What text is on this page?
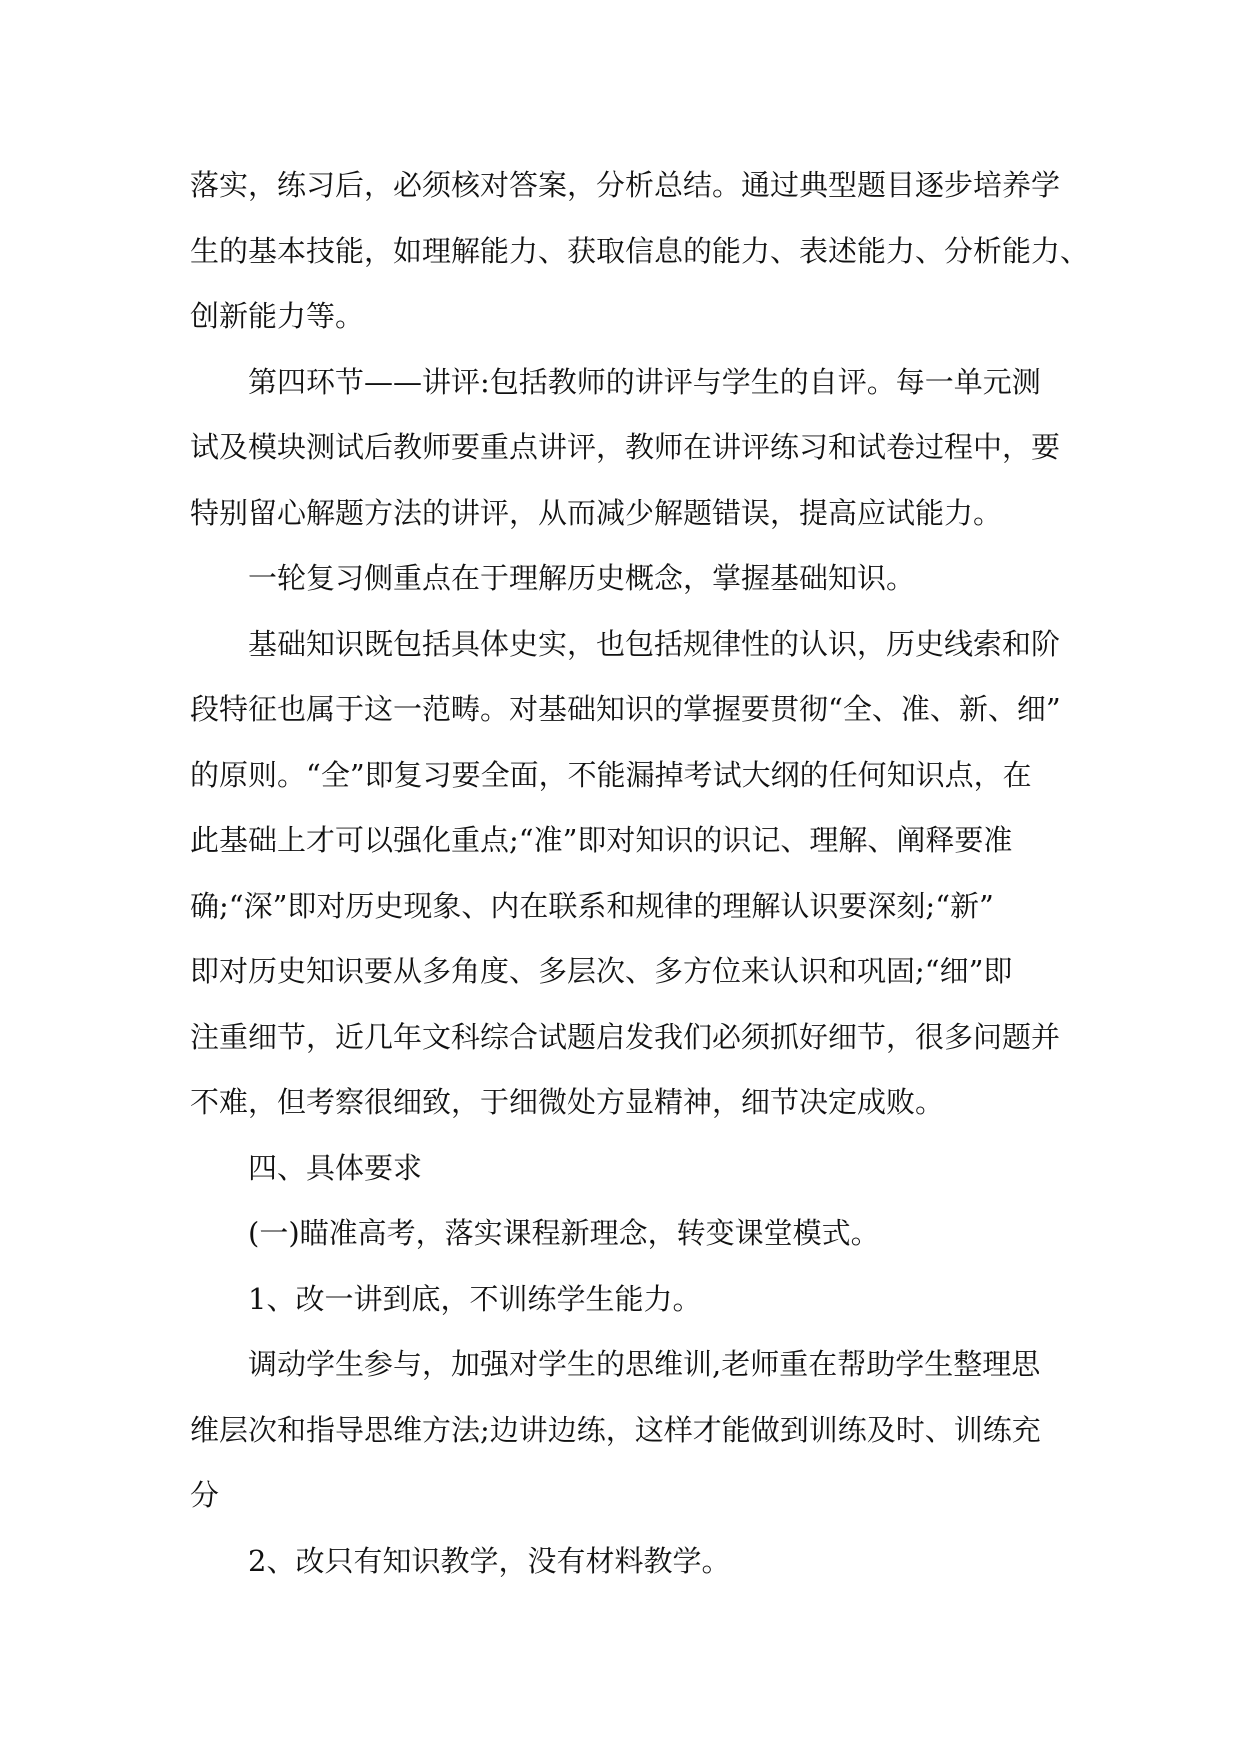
落实，练习后，必须核对答案，分析总结。通过典型题目逐步培养学
生的基本技能，如理解能力、获取信息的能力、表述能力、分析能力、
创新能力等。
第四环节——讲评:包括教师的讲评与学生的自评。每一单元测
试及模块测试后教师要重点讲评，教师在讲评练习和试卷过程中，要
特别留心解题方法的讲评，从而减少解题错误，提高应试能力。
一轮复习侧重点在于理解历史概念，掌握基础知识。
基础知识既包括具体史实，也包括规律性的认识，历史线索和阶
段特征也属于这一范畴。对基础知识的掌握要贯彻“全、准、新、细”
的原则。“全”即复习要全面，不能漏掉考试大纲的任何知识点，在
此基础上才可以强化重点;“准”即对知识的识记、理解、阐释要准
确;“深”即对历史现象、内在联系和规律的理解认识要深刻;“新”
即对历史知识要从多角度、多层次、多方位来认识和巩固;“细”即
注重细节，近几年文科综合试题启发我们必须抓好细节，很多问题并
不难，但考察很细致，于细微处方显精神，细节决定成败。
四、具体要求
(一)瞄准高考，落实课程新理念，转变课堂模式。
1、改一讲到底，不训练学生能力。
调动学生参与，加强对学生的思维训,老师重在帮助学生整理思
维层次和指导思维方法;边讲边练，这样才能做到训练及时、训练充
分
2、改只有知识教学，没有材料教学。
